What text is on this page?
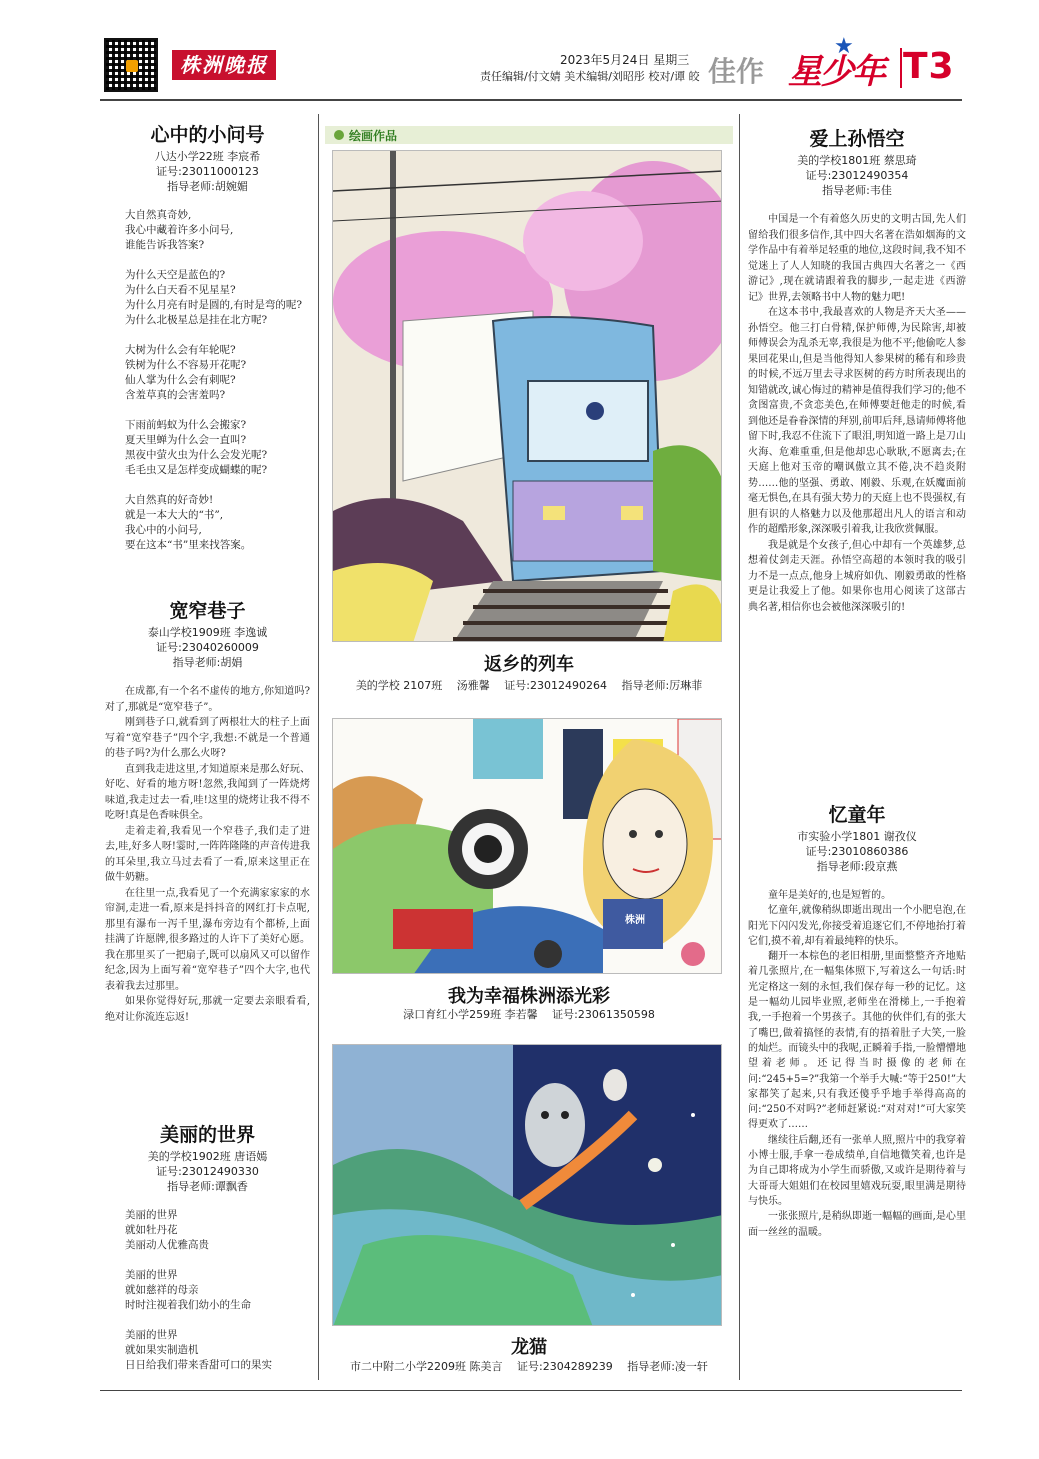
株洲晚报	2023年5月24日 星期三
责任编辑/付文婧 美术编辑/刘昭彤 校对/谭 皎 佳作 星少年
★ T3
心中的小问号
八达小学22班 李宸希
证号:23011000123
指导老师:胡婉媚
大自然真奇妙,
我心中藏着许多小问号,
谁能告诉我答案?
为什么天空是蓝色的?
为什么白天看不见星星?
为什么月亮有时是圆的,有时是弯的呢?
为什么北极星总是挂在北方呢?
大树为什么会有年轮呢?
铁树为什么不容易开花呢?
仙人掌为什么会有刺呢?
含羞草真的会害羞吗?
下雨前蚂蚁为什么会搬家?
夏天里蝉为什么会一直叫?
黑夜中萤火虫为什么会发光呢?
毛毛虫又是怎样变成蝴蝶的呢?
大自然真的好奇妙!
就是一本大大的“书”,
我心中的小问号,
要在这本“书”里来找答案。
宽窄巷子
泰山学校1909班 李逸诚
证号:23040260009
指导老师:胡娟

在成都,有一个名不虚传的地方,你知道吗?对了,那就是“宽窄巷子”。

刚到巷子口,就看到了两根壮大的柱子上面写着“宽窄巷子”四个字,我想:不就是一个普通的巷子吗?为什么那么火呀?

直到我走进这里,才知道原来是那么好玩、好吃、好看的地方呀!忽然,我闻到了一阵烧烤味道,我走过去一看,哇!这里的烧烤让我不得不吃呀!真是色香味俱全。

走着走着,我看见一个窄巷子,我们走了进去,哇,好多人呀!霎时,一阵阵隆隆的声音传进我的耳朵里,我立马过去看了一看,原来这里正在做牛奶糖。

在往里一点,我看见了一个充满家家家的水帘洞,走进一看,原来是抖抖音的网红打卡点呢,那里有瀑布一泻千里,瀑布旁边有个都桥,上面挂满了许愿牌,很多路过的人许下了美好心愿。我在那里买了一把扇子,既可以扇风又可以留作纪念,因为上面写着“宽窄巷子”四个大字,也代表着我去过那里。

如果你觉得好玩,那就一定要去亲眼看看,绝对让你流连忘返!

美丽的世界
美的学校1902班 唐语嫣
证号:23012490330
指导老师:谭飘香
美丽的世界
就如牡丹花
美丽动人优雅高贵
美丽的世界
就如慈祥的母亲
时时注视着我们幼小的生命
美丽的世界
就如果实制造机
日日给我们带来香甜可口的果实
绘画作品
返乡的列车
美的学校 2107班 　汤雅馨 　证号:23012490264 　指导老师:厉琳菲
株洲
我为幸福株洲添光彩
渌口育红小学259班 李若馨 　证号:23061350598
龙猫
市二中附二小学2209班 陈美言 　证号:2304289239 　指导老师:凌一轩
爱上孙悟空
美的学校1801班 蔡思琦
证号:23012490354
指导老师:韦佳

中国是一个有着悠久历史的文明古国,先人们留给我们很多信作,其中四大名著在浩如烟海的文学作品中有着举足轻重的地位,这段时间,我不知不觉迷上了人人知晓的我国古典四大名著之一《西游记》,现在就请跟着我的脚步,一起走进《西游记》世界,去领略书中人物的魅力吧!

在这本书中,我最喜欢的人物是齐天大圣——孙悟空。他三打白骨精,保护师傅,为民除害,却被师傅误会为乱杀无辜,我很是为他不平;他偷吃人参果回花果山,但是当他得知人参果树的稀有和珍贵的时候,不远万里去寻求医树的药方时所表现出的知错就改,诚心悔过的精神是值得我们学习的;他不贪图富贵,不贪恋美色,在师傅要赶他走的时候,看到他还是眷眷深情的拜别,前叩后拜,恳请师傅将他留下时,我忍不住流下了眼泪,明知道一路上是刀山火海、危难重重,但是他却忠心耿耿,不愿离去;在天庭上他对玉帝的嘲讽傲立其不倦,决不趋炎附势……他的坚强、勇敢、刚毅、乐观,在妖魔面前毫无惧色,在具有强大势力的天庭上也不畏强权,有胆有识的人格魅力以及他那超出凡人的语言和动作的超酷形象,深深吸引着我,让我欣赏佩服。

我是就是个女孩子,但心中却有一个英雄梦,总想着仗剑走天涯。孙悟空高超的本领时我的吸引力不是一点点,他身上城府如仇、刚毅勇敢的性格更是让我爱上了他。如果你也用心阅读了这部古典名著,相信你也会被他深深吸引的!

忆童年
市实验小学1801 谢孜仪
证号:23010860386
指导老师:段京燕

童年是美好的,也是短暂的。

忆童年,就像稍纵即逝出现出一个小肥皂泡,在阳光下闪闪发光,你接受着追逐它们,不停地抬打着它们,摸不着,却有着最纯粹的快乐。

翻开一本棕色的老旧相册,里面整整齐齐地贴着几张照片,在一幅集体照下,写着这么一句话:时光定格这一刻的永恒,我们保存每一秒的记忆。这是一幅幼儿园毕业照,老师坐在滑梯上,一手抱着我,一手抱着一个男孩子。其他的伙伴们,有的张大了嘴巴,做着搞怪的表情,有的捂着肚子大笑,一脸的灿烂。而镜头中的我呢,正瞬着手指,一脸懵懵地望着老师。还记得当时摄像的老师在问:“245+5=?”我第一个举手大喊:“等于250!”大家都笑了起来,只有我还傻乎乎地手举得高高的问:“250不对吗?”老师赶紧说:“对对对!”可大家笑得更欢了……

继续往后翻,还有一张单人照,照片中的我穿着小博士服,手拿一卷成绩单,自信地微笑着,也许是为自己即将成为小学生而骄傲,又或许是期待着与大哥哥大姐姐们在校园里嬉戏玩耍,眼里满是期待与快乐。

一张张照片,是稍纵即逝一幅幅的画面,是心里面一丝丝的温暖。
